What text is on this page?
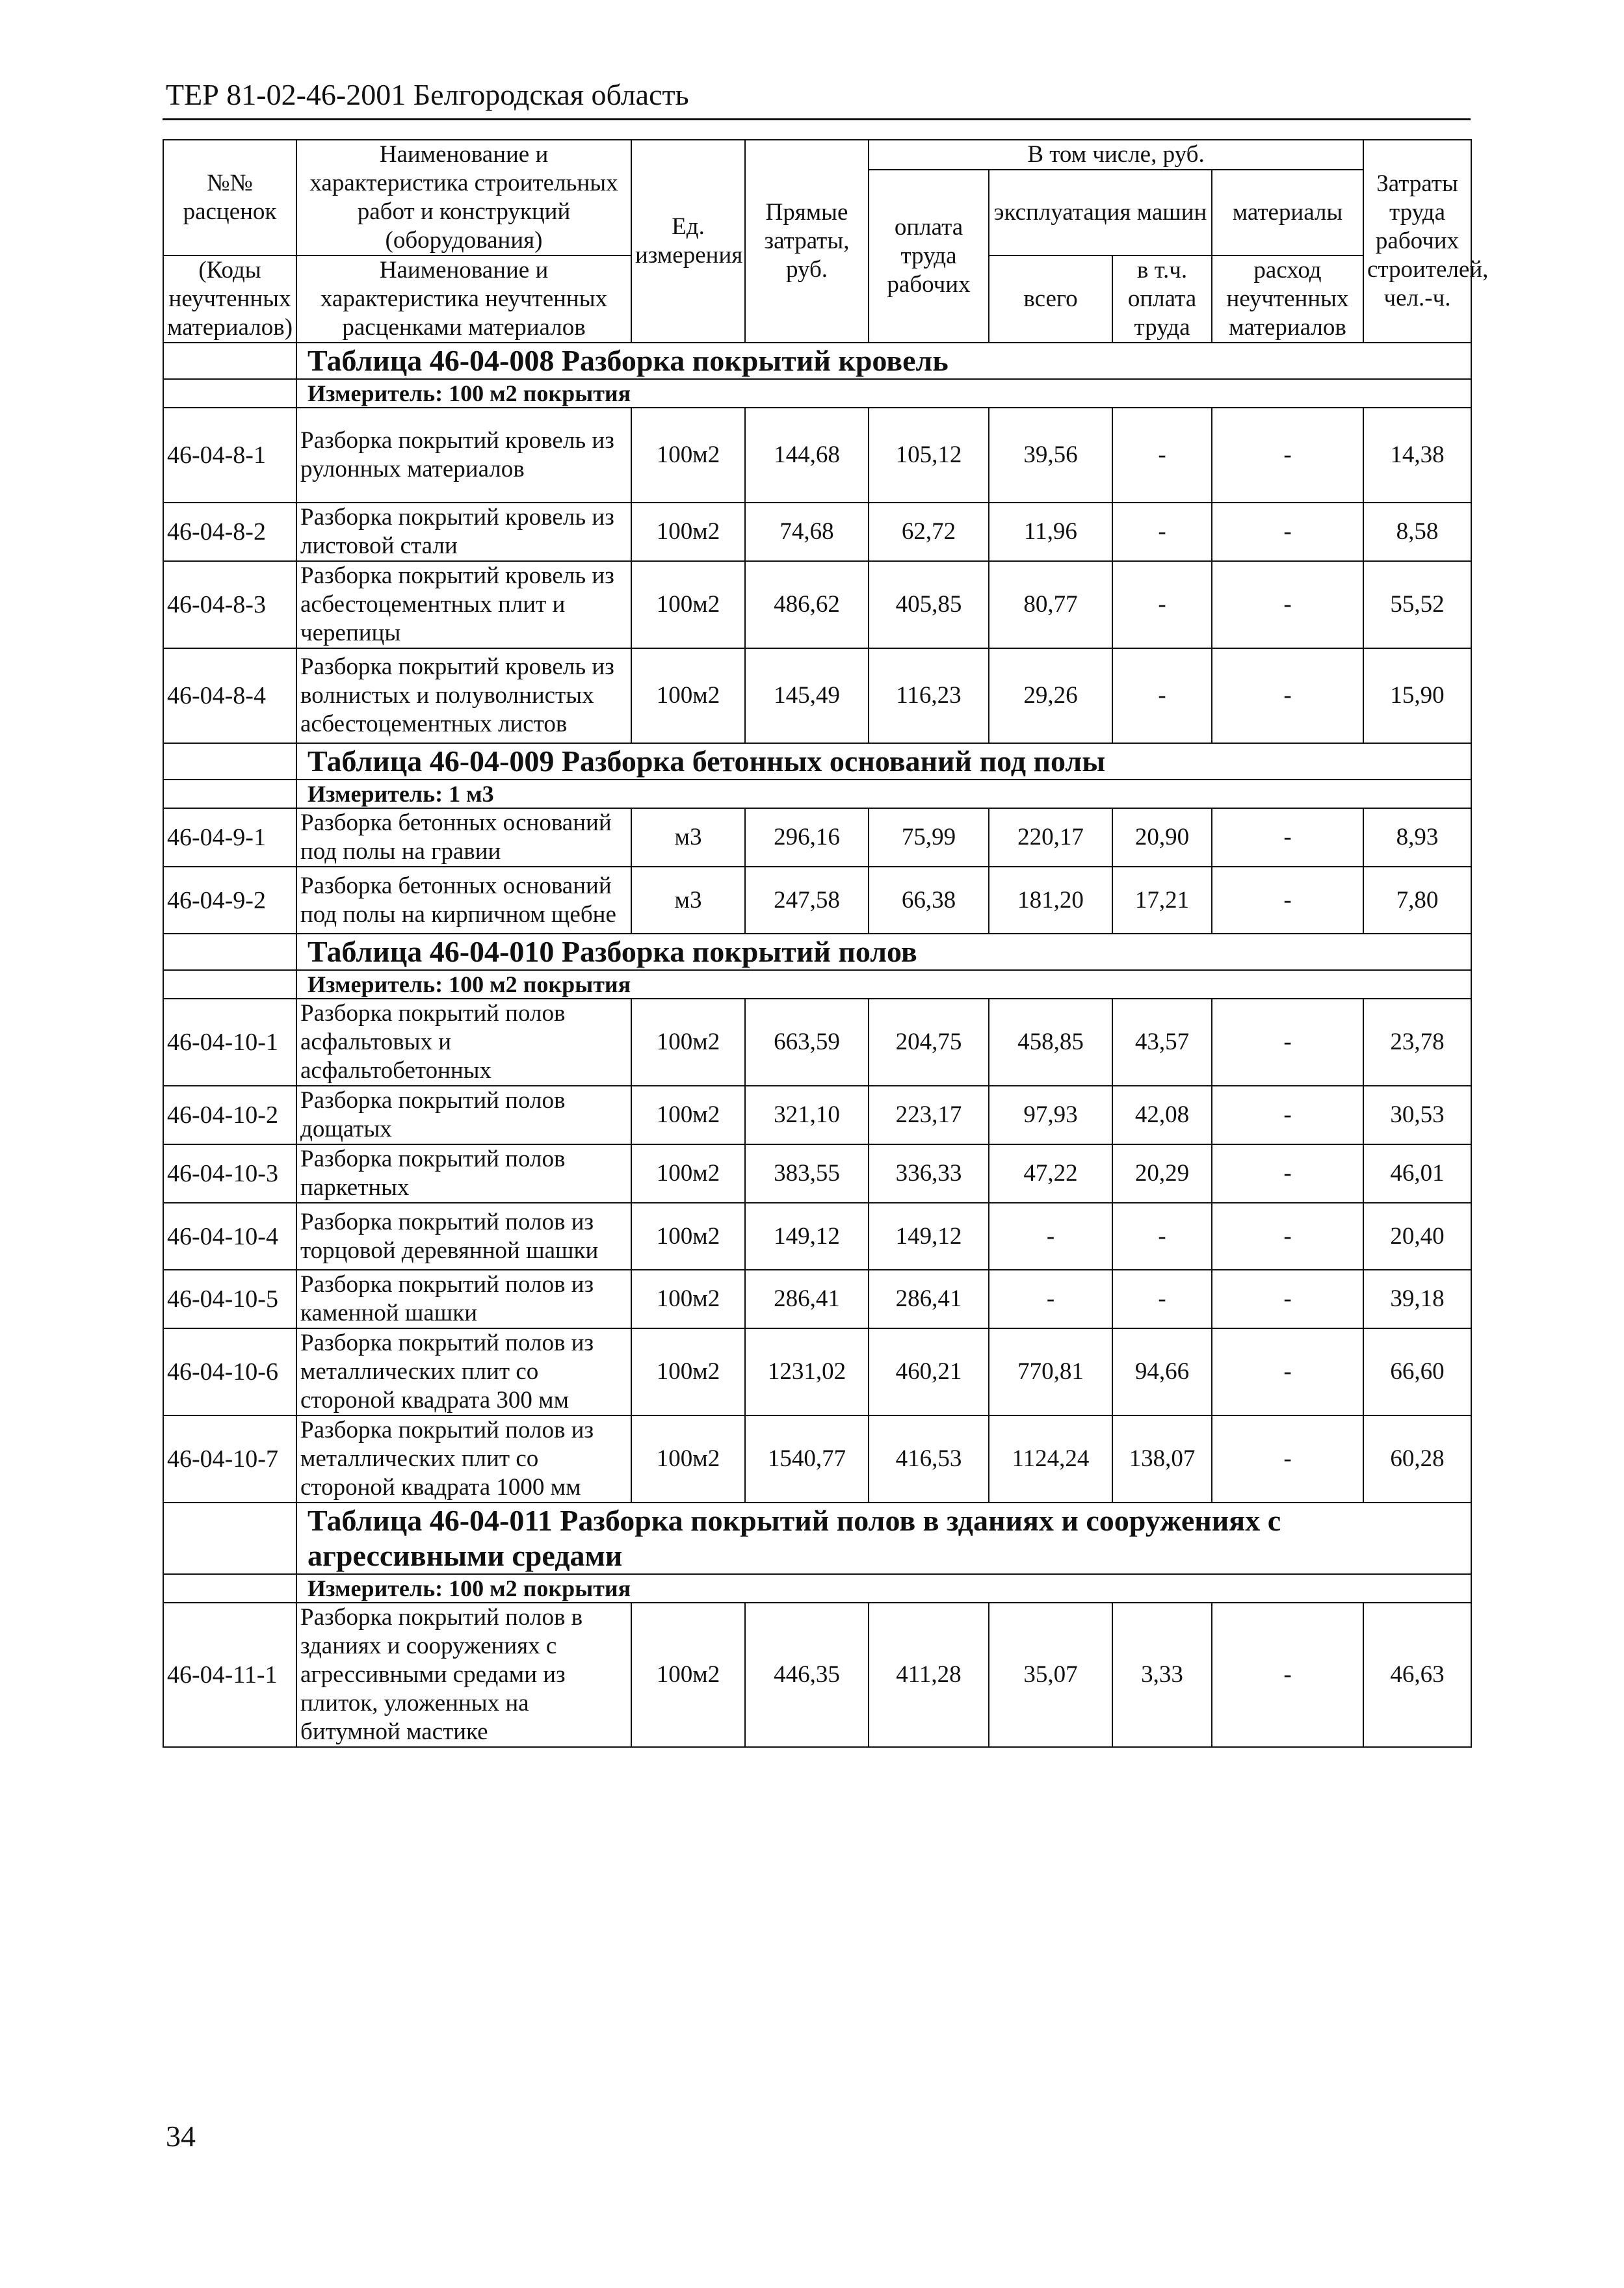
ТЕР 81-02-46-2001 Белгородская область
№№ расценок	Наименование и характеристика строительных работ и конструкций (оборудования)	Ед. измерения	Прямые затраты, руб.	В том числе, руб.				Затраты труда рабочих строителей, чел.-ч.
				оплата труда рабочих	эксплуатация машин		материалы	

(Коды неучтенных материалов)	Наименование и характеристика неучтенных расценками материалов				всего	в т.ч. оплата труда	расход неучтенных материалов	

	Таблица 46-04-008 Разборка покрытий кровель							
	Измеритель: 100 м2 покрытия							
46-04-8-1	Разборка покрытий кровель из рулонных материалов	100м2	144,68	105,12	39,56	-	-	14,38
46-04-8-2	Разборка покрытий кровель из листовой стали	100м2	74,68	62,72	11,96	-	-	8,58
46-04-8-3	Разборка покрытий кровель из асбестоцементных плит и черепицы	100м2	486,62	405,85	80,77	-	-	55,52
46-04-8-4	Разборка покрытий кровель из волнистых и полуволнистых асбестоцементных листов	100м2	145,49	116,23	29,26	-	-	15,90
	Таблица 46-04-009 Разборка бетонных оснований под полы							
	Измеритель: 1 м3							
46-04-9-1	Разборка бетонных оснований под полы на гравии	м3	296,16	75,99	220,17	20,90	-	8,93
46-04-9-2	Разборка бетонных оснований под полы на кирпичном щебне	м3	247,58	66,38	181,20	17,21	-	7,80
	Таблица 46-04-010 Разборка покрытий полов							
	Измеритель: 100 м2 покрытия							
46-04-10-1	Разборка покрытий полов асфальтовых и асфальтобетонных	100м2	663,59	204,75	458,85	43,57	-	23,78
46-04-10-2	Разборка покрытий полов дощатых	100м2	321,10	223,17	97,93	42,08	-	30,53
46-04-10-3	Разборка покрытий полов паркетных	100м2	383,55	336,33	47,22	20,29	-	46,01
46-04-10-4	Разборка покрытий полов из торцовой деревянной шашки	100м2	149,12	149,12	-	-	-	20,40
46-04-10-5	Разборка покрытий полов из каменной шашки	100м2	286,41	286,41	-	-	-	39,18
46-04-10-6	Разборка покрытий полов из металлических плит со стороной квадрата 300 мм	100м2	1231,02	460,21	770,81	94,66	-	66,60
46-04-10-7	Разборка покрытий полов из металлических плит со стороной квадрата 1000 мм	100м2	1540,77	416,53	1124,24	138,07	-	60,28
	Таблица 46-04-011 Разборка покрытий полов в зданиях и сооружениях с агрессивными средами							
	Измеритель: 100 м2 покрытия							
46-04-11-1	Разборка покрытий полов в зданиях и сооружениях с агрессивными средами из плиток, уложенных на битумной мастике	100м2	446,35	411,28	35,07	3,33	-	46,63
34
